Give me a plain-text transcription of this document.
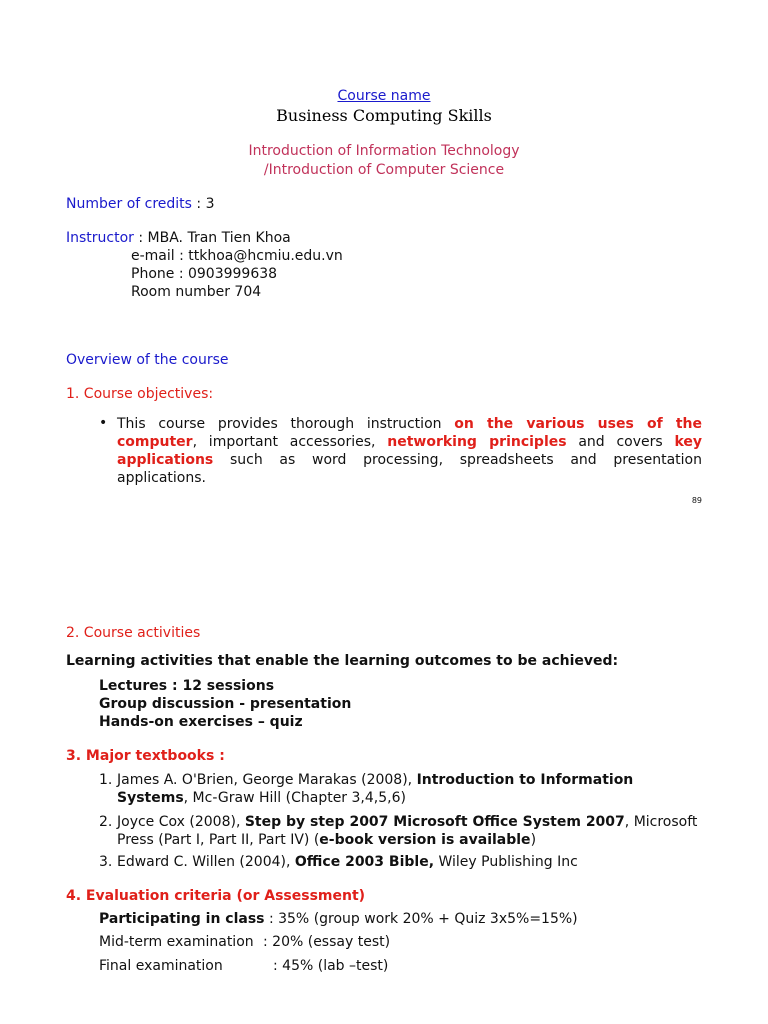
Course name
Business Computing Skills
Introduction of Information Technology
/Introduction of Computer Science
Number of credits : 3
Instructor : MBA. Tran Tien Khoa
e-mail : ttkhoa@hcmiu.edu.vn
Phone : 0903999638
Room number 704
Overview of the course
1. Course objectives:
• This course provides thorough instruction on the various uses of the computer, important accessories, networking principles and covers key applications such as word processing, spreadsheets and presentation applications.
89
2. Course activities
Learning activities that enable the learning outcomes to be achieved:
Lectures : 12 sessions
Group discussion - presentation
Hands-on exercises – quiz
3. Major textbooks :
1. James A. O'Brien, George Marakas (2008), Introduction to Information Systems, Mc-Graw Hill (Chapter 3,4,5,6)
2. Joyce Cox (2008), Step by step 2007 Microsoft Office System 2007, Microsoft Press (Part I, Part II, Part IV) (e-book version is available)
3. Edward C. Willen (2004), Office 2003 Bible, Wiley Publishing Inc
4. Evaluation criteria (or Assessment)
Participating in class : 35% (group work 20% + Quiz 3x5%=15%)
Mid-term examination : 20% (essay test)
Final examination	: 45% (lab –test)
